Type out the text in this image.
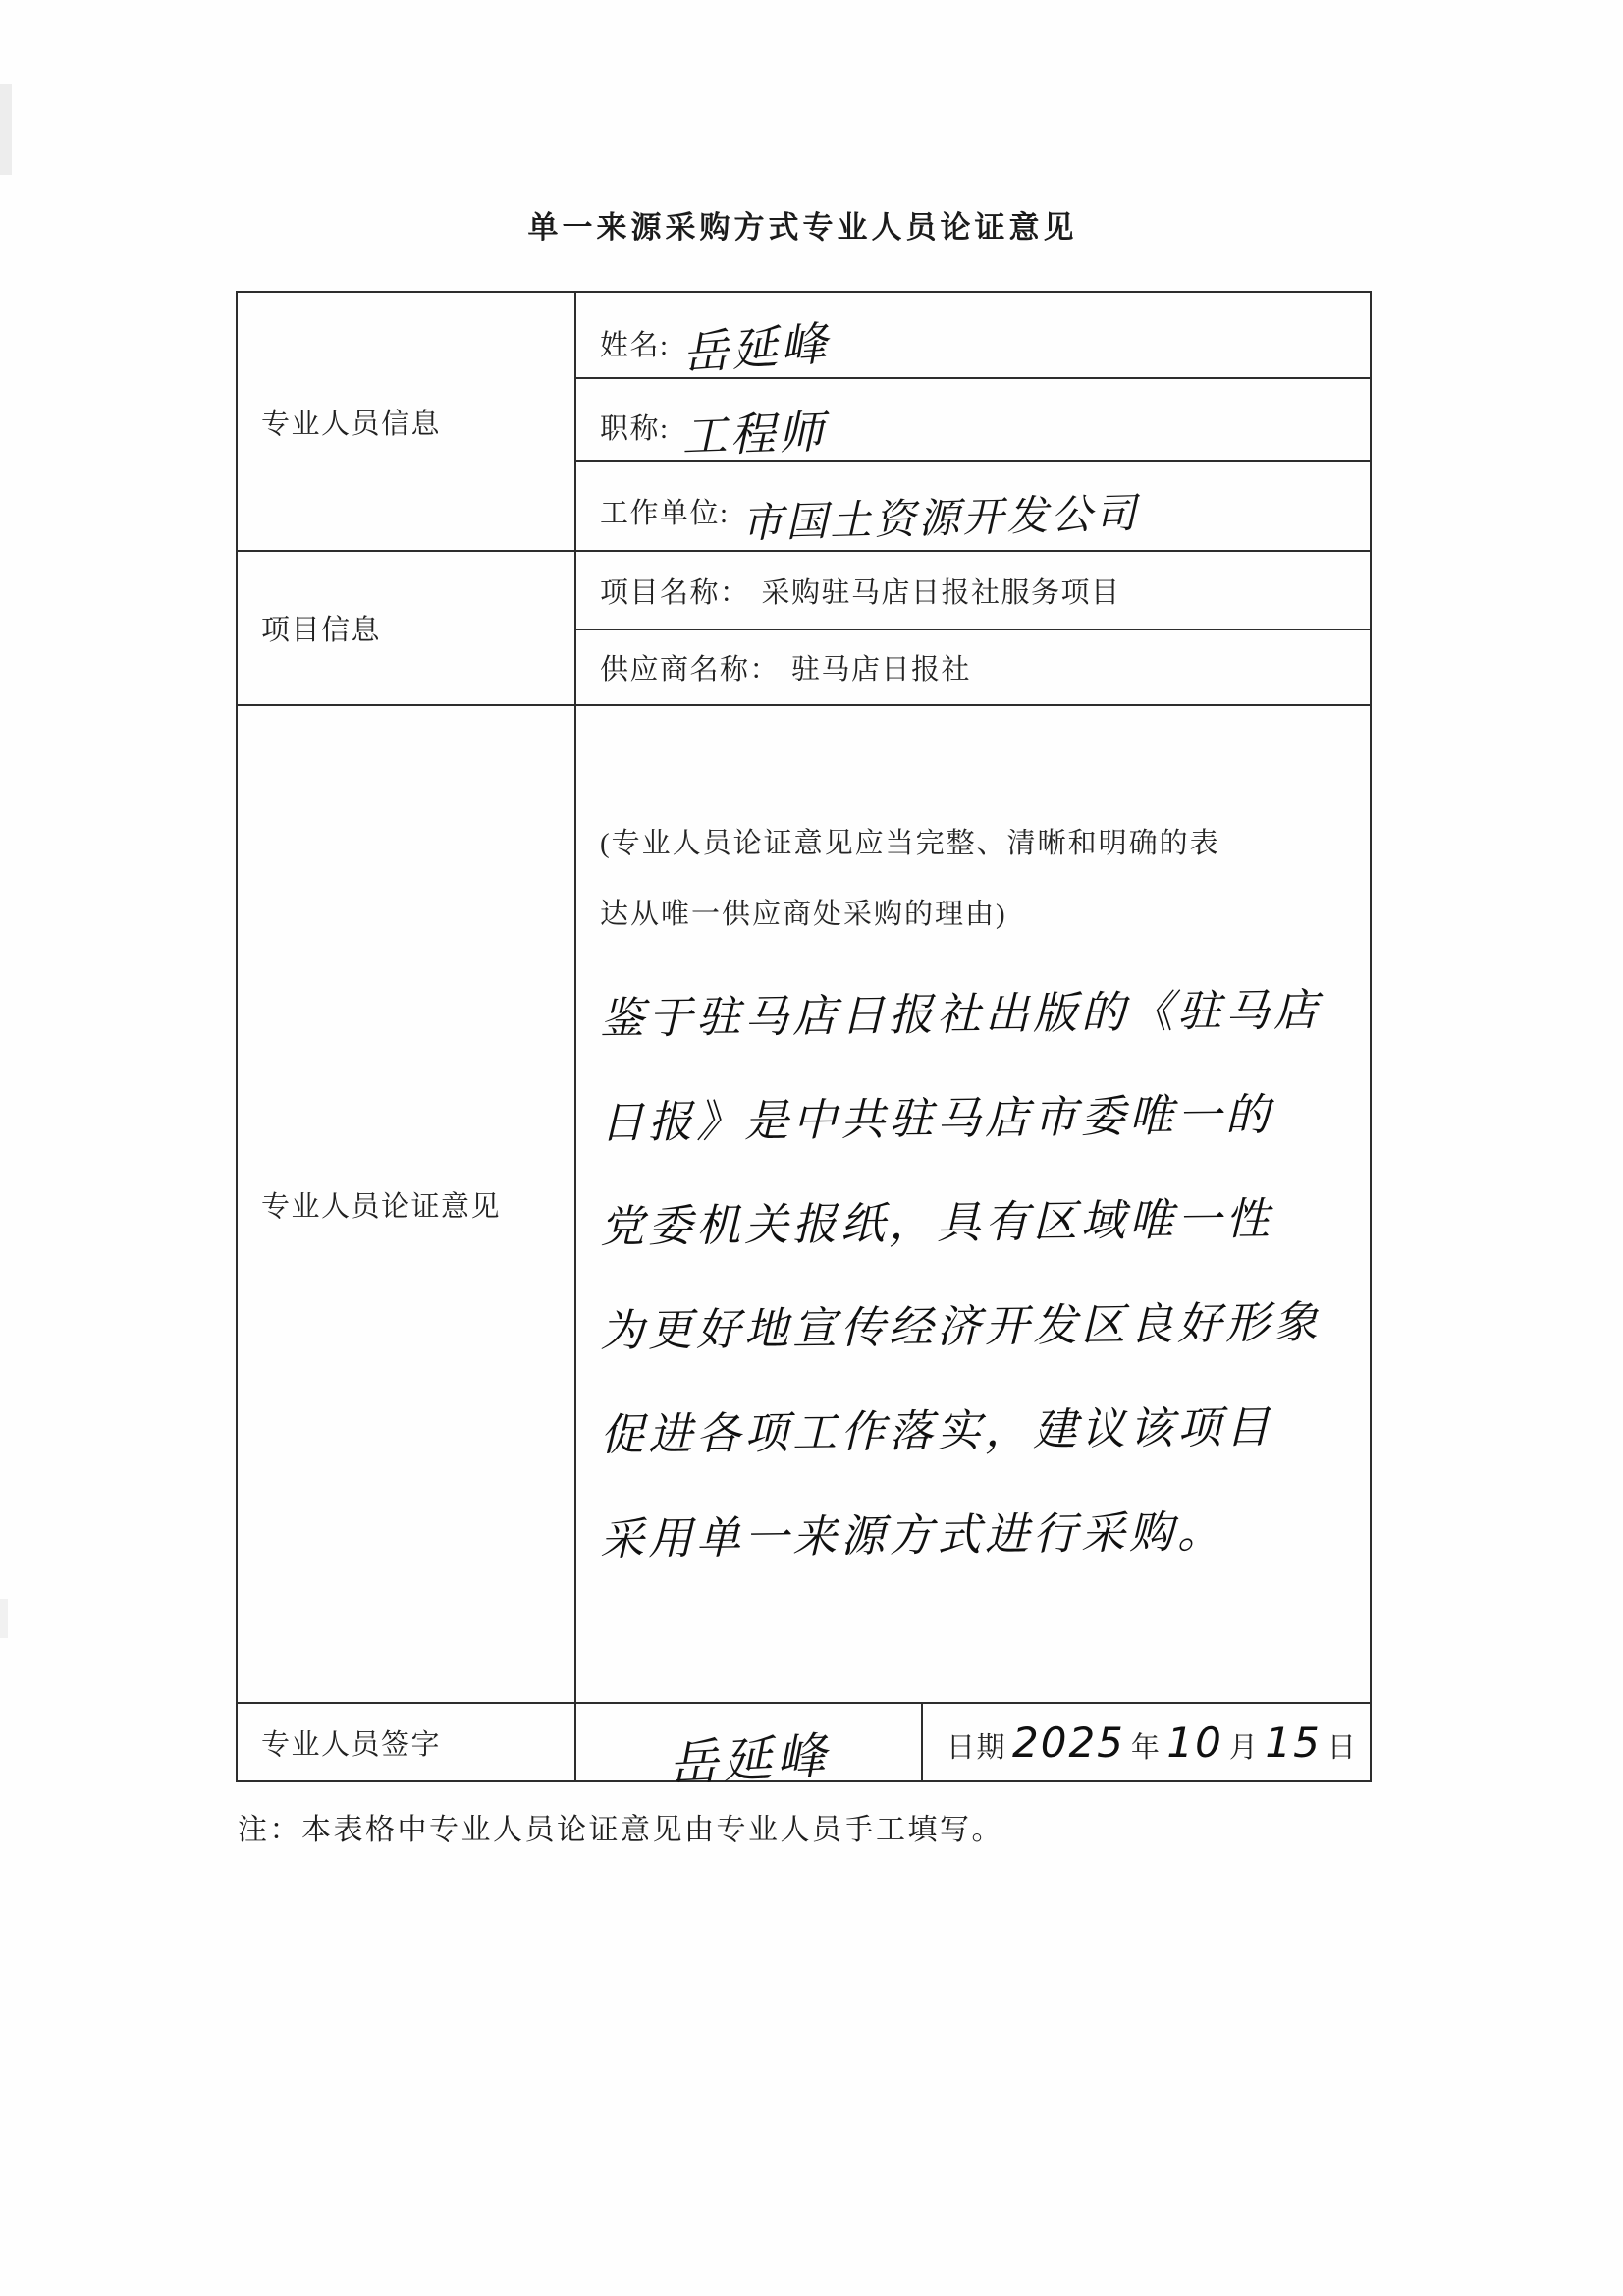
单一来源采购方式专业人员论证意见
专业人员信息	姓名: 岳延峰	

	职称: 工程师	

	工作单位: 市国土资源开发公司	

项目信息	项目名称： 采购驻马店日报社服务项目	

	供应商名称： 驻马店日报社	

专业人员论证意见	
(专业人员论证意见应当完整、清晰和明确的表
达从唯一供应商处采购的理由)
鉴于驻马店日报社出版的《驻马店
日报》是中共驻马店市委唯一的
党委机关报纸，具有区域唯一性
为更好地宣传经济开发区良好形象
促进各项工作落实，建议该项目
采用单一来源方式进行采购。

专业人员签字	岳延峰	日期 2025 年 10 月 15 日
注：本表格中专业人员论证意见由专业人员手工填写。
